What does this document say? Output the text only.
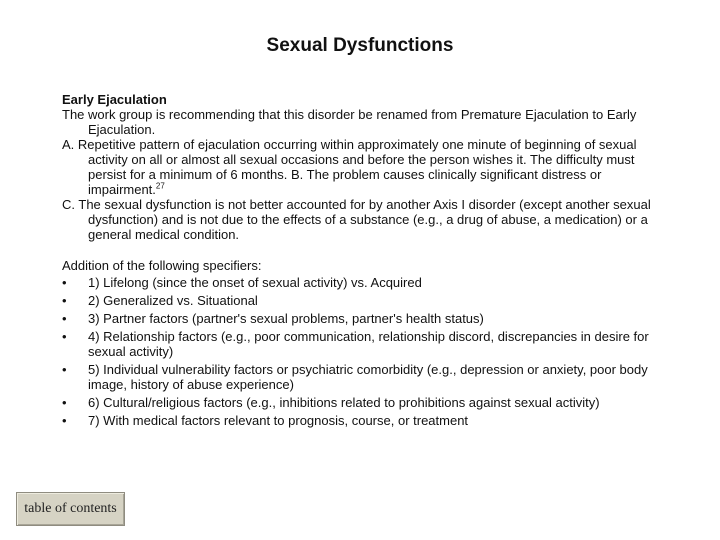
Sexual Dysfunctions

Early Ejaculation

The work group is recommending that this disorder be renamed from Premature Ejaculation to Early Ejaculation.

A. Repetitive pattern of ejaculation occurring within approximately one minute of beginning of sexual activity on all or almost all sexual occasions and before the person wishes it. The difficulty must persist for a minimum of 6 months. B. The problem causes clinically significant distress or impairment.$^{27}$

C. The sexual dysfunction is not better accounted for by another Axis I disorder (except another sexual dysfunction) and is not due to the effects of a substance (e.g., a drug of abuse, a medication) or a general medical condition.

Addition of the following specifiers:

• 1) Lifelong (since the onset of sexual activity) vs. Acquired
• 2) Generalized vs. Situational
• 3) Partner factors (partner's sexual problems, partner's health status)
• 4) Relationship factors (e.g., poor communication, relationship discord, discrepancies in desire for sexual activity)
• 5) Individual vulnerability factors or psychiatric comorbidity (e.g., depression or anxiety, poor body image, history of abuse experience)
• 6) Cultural/religious factors (e.g., inhibitions related to prohibitions against sexual activity)
• 7) With medical factors relevant to prognosis, course, or treatment
table of contents
